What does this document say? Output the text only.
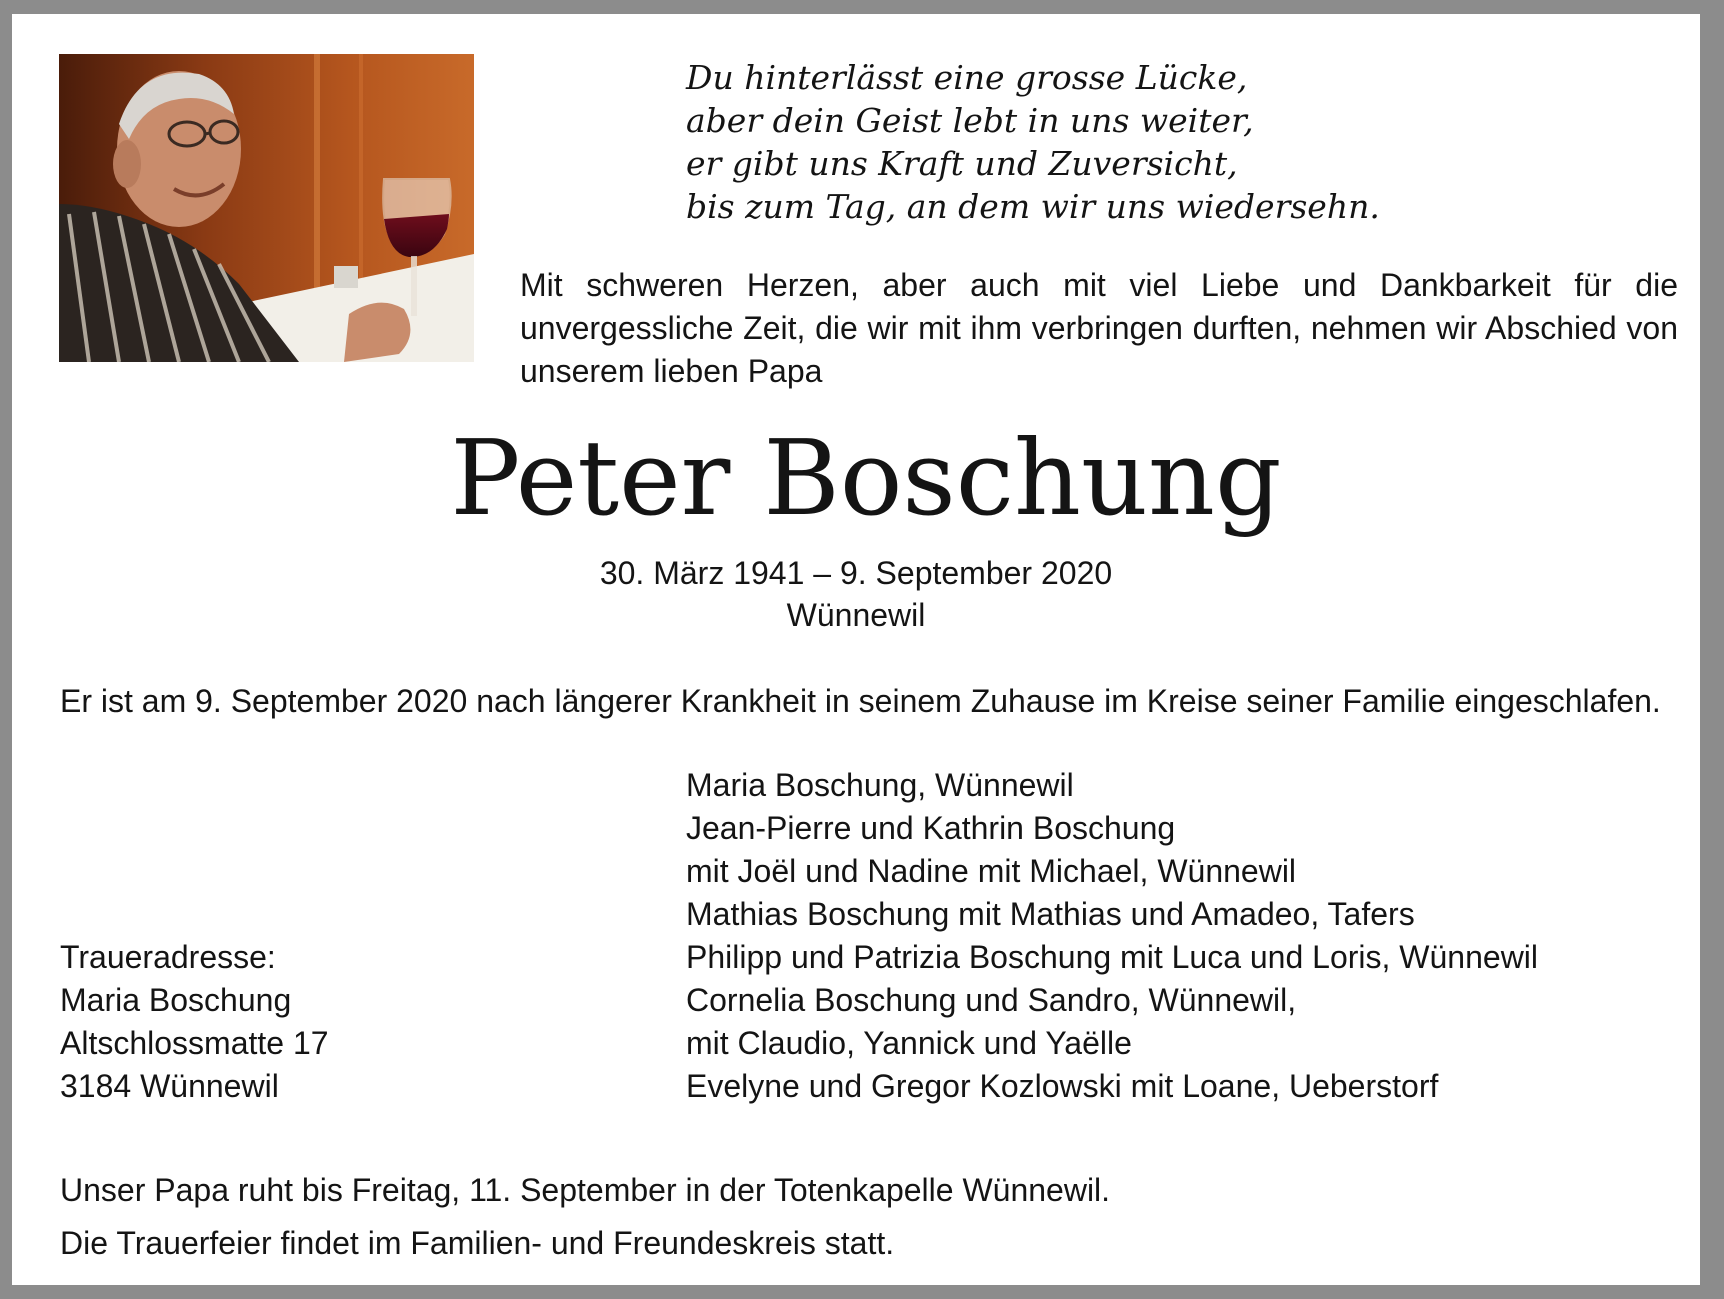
Du hinterlässt eine grosse Lücke,
aber dein Geist lebt in uns weiter,
er gibt uns Kraft und Zuversicht,
bis zum Tag, an dem wir uns wiedersehn.
Mit schweren Herzen, aber auch mit viel Liebe und Dankbarkeit für die unvergessliche Zeit, die wir mit ihm verbringen durften, nehmen wir Abschied von unserem lieben Papa
Peter Boschung
30. März 1941 – 9. September 2020
Wünnewil
Er ist am 9. September 2020 nach längerer Krankheit in seinem Zuhause im Kreise seiner Familie eingeschlafen.
Maria Boschung, Wünnewil
Jean-Pierre und Kathrin Boschung
mit Joël und Nadine mit Michael, Wünnewil
Mathias Boschung mit Mathias und Amadeo, Tafers
Philipp und Patrizia Boschung mit Luca und Loris, Wünnewil
Cornelia Boschung und Sandro, Wünnewil,
mit Claudio, Yannick und Yaëlle
Evelyne und Gregor Kozlowski mit Loane, Ueberstorf
Traueradresse:
Maria Boschung
Altschlossmatte 17
3184 Wünnewil
Unser Papa ruht bis Freitag, 11. September in der Totenkapelle Wünnewil.
Die Trauerfeier findet im Familien- und Freundeskreis statt.
